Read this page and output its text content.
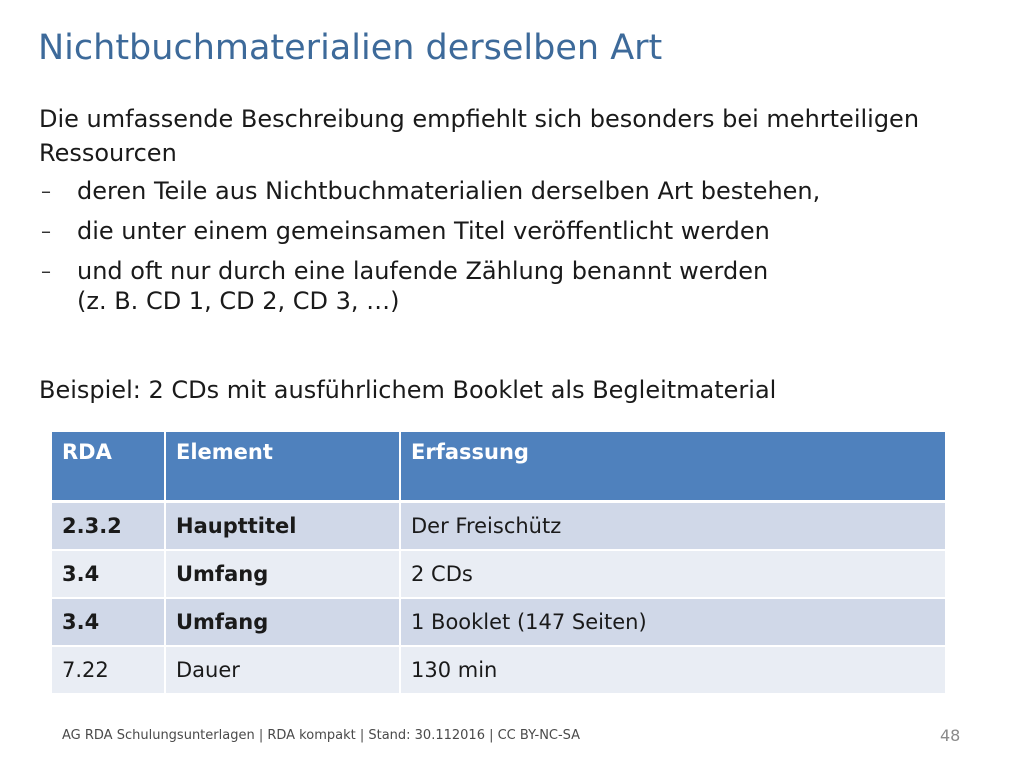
Nichtbuchmaterialien derselben Art

Die umfassende Beschreibung empfiehlt sich besonders bei mehrteiligen Ressourcen

– deren Teile aus Nichtbuchmaterialien derselben Art bestehen,
– die unter einem gemeinsamen Titel veröffentlicht werden
– und oft nur durch eine laufende Zählung benannt werden
(z. B. CD 1, CD 2, CD 3, …)

Beispiel: 2 CDs mit ausführlichem Booklet als Begleitmaterial

RDA	Element	Erfassung
2.3.2	Haupttitel	Der Freischütz
3.4	Umfang	2 CDs
3.4	Umfang	1 Booklet (147 Seiten)
7.22	Dauer	130 min
AG RDA Schulungsunterlagen | RDA kompakt | Stand: 30.112016 | CC BY-NC-SA	48
